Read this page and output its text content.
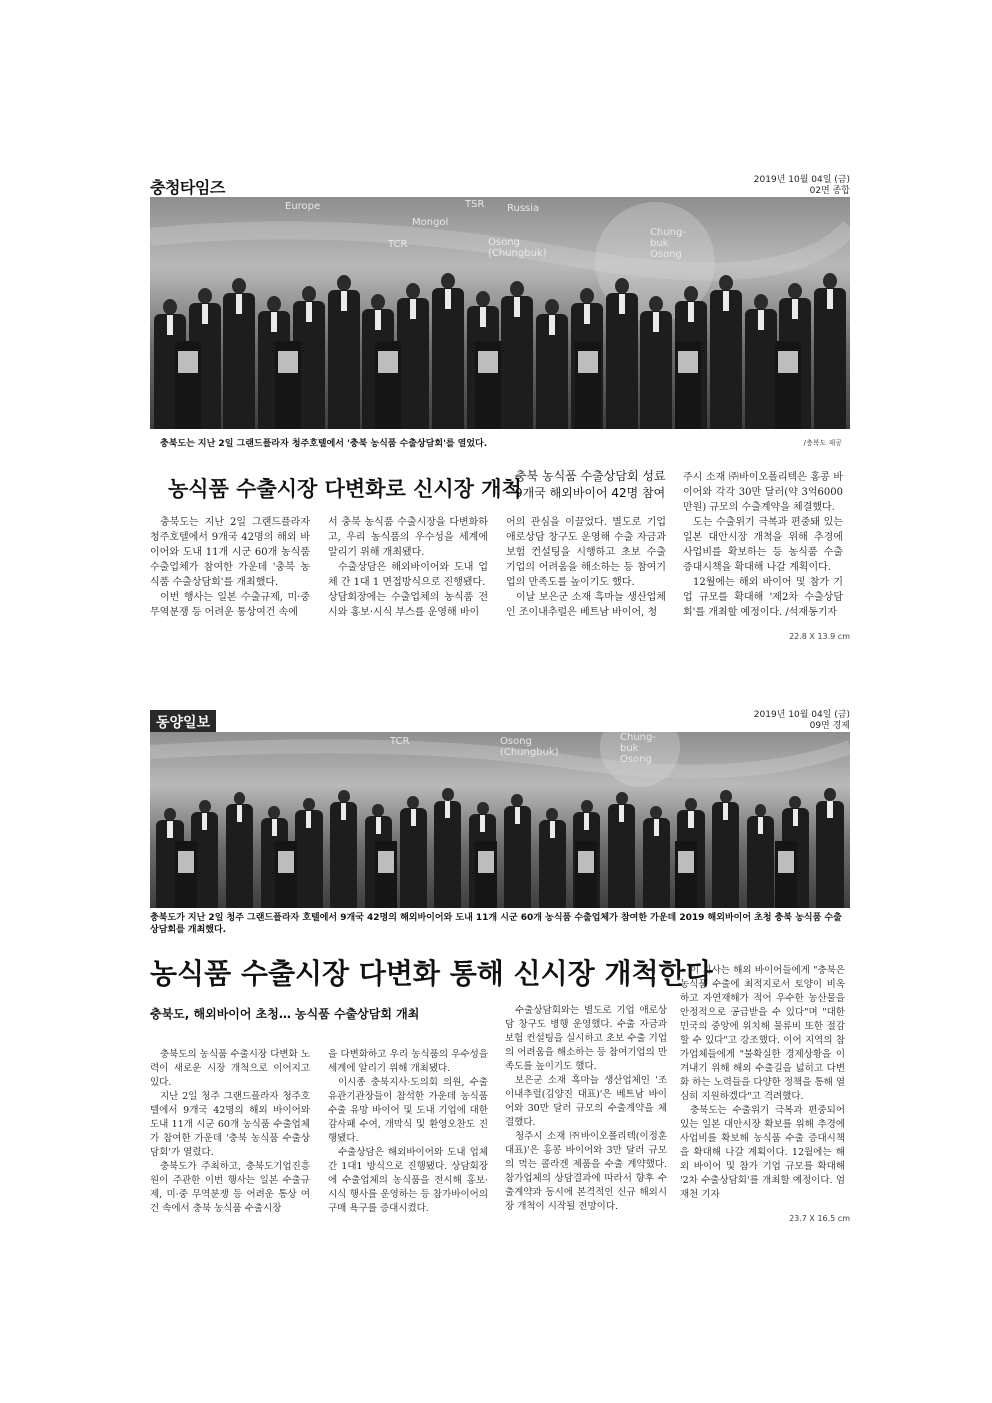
충청타임즈	2019년 10월 04일 (금)
02면 종합
Europe
Mongol
Russia
TSR
TCR	Osong (Chungbuk)
Chung-buk Osong
충북도는 지난 2일 그랜드플라자 청주호텔에서 '충북 농식품 수출상담회'를 열었다.	/충북도 제공
농식품 수출시장 다변화로 신시장 개척
충북 농식품 수출상담회 성료
9개국 해외바이어 42명 참여

충북도는 지난 2일 그랜드플라자 청주호텔에서 9개국 42명의 해외 바이어와 도내 11개 시군 60개 농식품 수출업체가 참여한 가운데 '충북 농식품 수출상담회'를 개최했다.

이번 행사는 일본 수출규제, 미·중 무역분쟁 등 어려운 통상여건 속에

서 충북 농식품 수출시장을 다변화하고, 우리 농식품의 우수성을 세계에 알리기 위해 개최됐다.

수출상담은 해외바이어와 도내 업체 간 1대 1 면접방식으로 진행됐다.

상담회장에는 수출업체의 농식품 전시와 홍보·시식 부스를 운영해 바이

어의 관심을 이끌었다. 별도로 기업애로상담 창구도 운영해 수출 자금과 보험 컨설팅을 시행하고 초보 수출 기업의 어려움을 해소하는 등 참여기업의 만족도를 높이기도 했다.

이날 보은군 소재 흑마늘 생산업체인 조이내추럴은 베트남 바이어, 청

주시 소재 ㈜바이오폴리텍은 홍콩 바이어와 각각 30만 달러(약 3억6000만원) 규모의 수출계약을 체결했다.

도는 수출위기 극복과 편중돼 있는 일본 대안시장 개척을 위해 추경에 사업비를 확보하는 등 농식품 수출 증대시책을 확대해 나갈 계획이다.

12월에는 해외 바이어 및 참가 기업 규모를 확대해 '제2차 수출상담회'를 개최할 예정이다. /석재동기자

22.8 X 13.9 cm
동양일보	2019년 10월 04일 (금)
09면 경제
TCR	Osong (Chungbuk)
Chung-buk Osong
충북도가 지난 2일 청주 그랜드플라자 호텔에서 9개국 42명의 해외바이어와 도내 11개 시군 60개 농식품 수출업체가 참여한 가운데 2019 해외바이어 초청 충북 농식품 수출상담회를 개최했다.
농식품 수출시장 다변화 통해 신시장 개척한다
충북도, 해외바이어 초청… 농식품 수출상담회 개최

충북도의 농식품 수출시장 다변화 노력이 새로운 시장 개척으로 이어지고 있다.

지난 2일 청주 그랜드플라자 청주호텔에서 9개국 42명의 해외 바이어와 도내 11개 시군 60개 농식품 수출업체가 참여한 가운데 '충북 농식품 수출상담회'가 열렸다.

충북도가 주최하고, 충북도기업진흥원이 주관한 이번 행사는 일본 수출규제, 미·중 무역분쟁 등 어려운 통상 여건 속에서 충북 농식품 수출시장

을 다변화하고 우리 농식품의 우수성을 세계에 알리기 위해 개최됐다.

이시종 충북지사·도의회 의원, 수출유관기관장들이 참석한 가운데 농식품 수출 유망 바이어 및 도내 기업에 대한 감사패 수여, 개막식 및 환영오찬도 진행됐다.

수출상담은 해외바이어와 도내 업체간 1대1 방식으로 진행됐다. 상담회장에 수출업체의 농식품을 전시해 홍보·시식 행사를 운영하는 등 참가바이어의 구매 욕구를 증대시켰다.

수출상담회와는 별도로 기업 애로상담 창구도 병행 운영했다. 수출 자금과 보험 컨설팅을 실시하고 초보 수출 기업의 어려움을 해소하는 등 참여기업의 만족도를 높이기도 했다.

보은군 소재 흑마늘 생산업체인 '조이내추럴(김양진 대표)'은 베트남 바이어와 30만 달러 규모의 수출계약을 체결했다.

청주시 소재 ㈜바이오폴리텍(이정훈 대표)'은 홍콩 바이어와 3만 달러 규모의 먹는 콜라겐 제품을 수출 계약했다. 참가업체의 상담결과에 따라서 향후 수출계약과 동시에 본격적인 신규 해외시장 개척이 시작될 전망이다.

이 지사는 해외 바이어들에게 "충북은 농식품 수출에 최적지로서 토양이 비옥하고 자연재해가 적어 우수한 농산물을 안정적으로 공급받을 수 있다"며 "대한민국의 중앙에 위치해 물류비 또한 절감할 수 있다"고 강조했다. 이어 지역의 참가업체들에게 "불확실한 경제상황을 이겨내기 위해 해외 수출길을 넓히고 다변화 하는 노력들을 다양한 정책을 통해 열심히 지원하겠다"고 격려했다.

충북도는 수출위기 극복과 편중되어 있는 일본 대안시장 확보를 위해 추경에 사업비를 확보해 농식품 수출 증대시책을 확대해 나갈 계획이다. 12월에는 해외 바이어 및 참가 기업 규모를 확대해 '2차 수출상담회'를 개최할 예정이다. 엄재천 기자

23.7 X 16.5 cm
